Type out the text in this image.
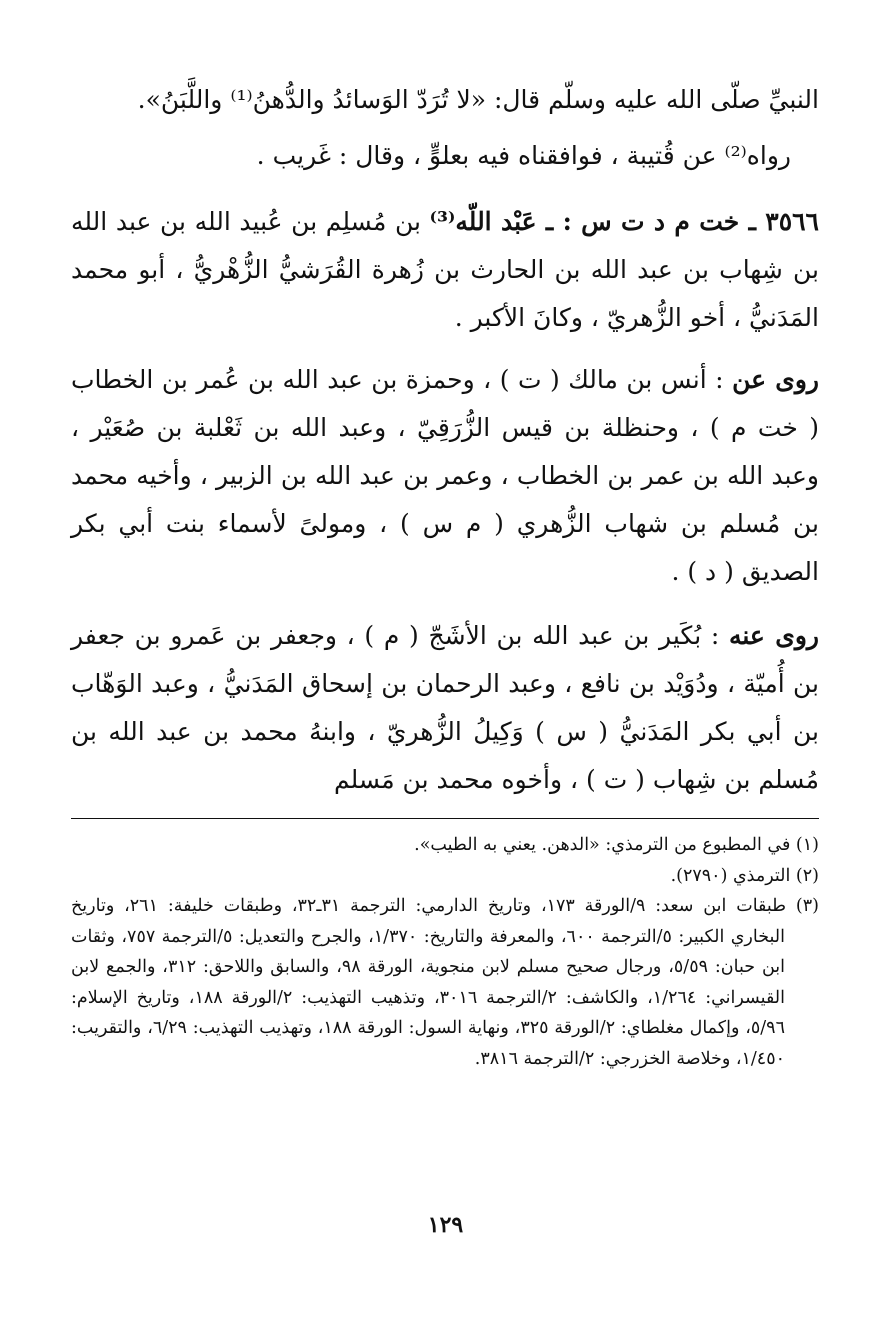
النبيِّ صلّى الله عليه وسلّم قال: «لا تُرَدّ الوَسائدُ والدُّهنُ⁽¹⁾ واللَّبَنُ».

رواه⁽²⁾ عن قُتيبة ، فوافقناه فيه بعلوٍّ ، وقال : غَريب .

٣٥٦٦ ـ خت م د ت س : ـ عَبْد اللّه⁽³⁾ بن مُسلِم بن عُبيد الله بن عبد الله بن شِهاب بن عبد الله بن الحارث بن زُهرة القُرَشيُّ الزُّهْريُّ ، أبو محمد المَدَنيُّ ، أخو الزُّهريّ ، وكانَ الأكبر .

روى عن : أنس بن مالك ( ت ) ، وحمزة بن عبد الله بن عُمر بن الخطاب ( خت م ) ، وحنظلة بن قيس الزُّرَقِيّ ، وعبد الله بن ثَعْلبة بن صُعَيْر ، وعبد الله بن عمر بن الخطاب ، وعمر بن عبد الله بن الزبير ، وأخيه محمد بن مُسلم بن شهاب الزُّهري ( م س ) ، ومولىً لأسماء بنت أبي بكر الصديق ( د ) .

روى عنه : بُكَير بن عبد الله بن الأشَجّ ( م ) ، وجعفر بن عَمرو بن جعفر بن أُميّة ، ودُوَيْد بن نافع ، وعبد الرحمان بن إسحاق المَدَنيُّ ، وعبد الوَهّاب بن أبي بكر المَدَنيُّ ( س ) وَكِيلُ الزُّهريّ ، وابنهُ محمد بن عبد الله بن مُسلم بن شِهاب ( ت ) ، وأخوه محمد بن مَسلم

(١) في المطبوع من الترمذي: «الدهن. يعني به الطيب».

(٢) الترمذي (٢٧٩٠).

(٣) طبقات ابن سعد: ٩/الورقة ١٧٣، وتاريخ الدارمي: الترجمة ٣١ـ٣٢، وطبقات خليفة: ٢٦١، وتاريخ البخاري الكبير: ٥/الترجمة ٦٠٠، والمعرفة والتاريخ: ١/٣٧٠، والجرح والتعديل: ٥/الترجمة ٧٥٧، وثقات ابن حبان: ٥/٥٩، ورجال صحيح مسلم لابن منجوية، الورقة ٩٨، والسابق واللاحق: ٣١٢، والجمع لابن القيسراني: ١/٢٦٤، والكاشف: ٢/الترجمة ٣٠١٦، وتذهيب التهذيب: ٢/الورقة ١٨٨، وتاريخ الإسلام: ٥/٩٦، وإكمال مغلطاي: ٢/الورقة ٣٢٥، ونهاية السول: الورقة ١٨٨، وتهذيب التهذيب: ٦/٢٩، والتقريب: ١/٤٥٠، وخلاصة الخزرجي: ٢/الترجمة ٣٨١٦.

١٢٩
